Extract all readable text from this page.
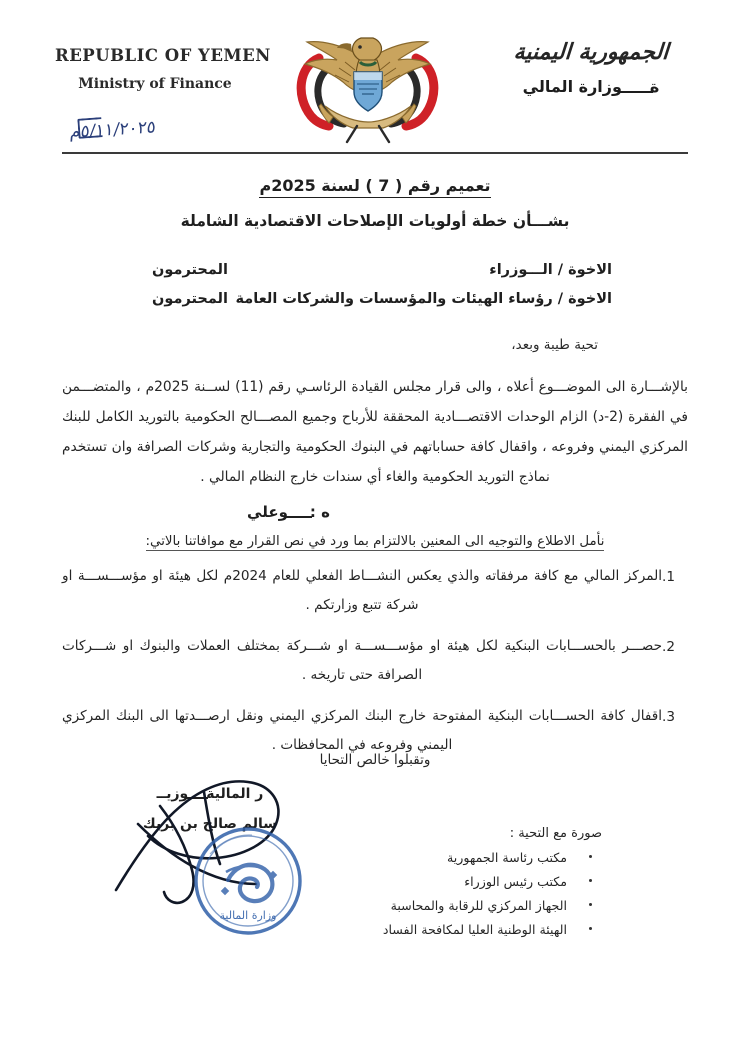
REPUBLIC OF YEMEN
Ministry of Finance
الجمهورية اليمنية
ةوزارة المالي
٥/١١/٢٠٢٥م
تعميم رقم ( 7 ) لسنة 2025م
بشـــأن خطة أولويات الإصلاحات الاقتصادية الشاملة
الاخوة / الـــوزراء
المحترمون
الاخوة / رؤساء الهيئات والمؤسسات والشركات العامة
المحترمون
تحية طيبة وبعد،
بالإشـــارة الى الموضـــوع أعلاه ، والى قرار مجلس القيادة الرئاسـي رقم (11) لســنة 2025م ، والمتضـــمن في الفقرة (2-د) الزام الوحدات الاقتصـــادية المحققة للأرباح وجميع المصـــالح الحكومية بالتوريد الكامل للبنك المركزي اليمني وفروعه ، واقفال كافة حساباتهم في البنوك الحكومية والتجارية وشركات الصرافة وان تستخدم نماذج التوريد الحكومية والغاء أي سندات خارج النظام المالي .
ه :وعلي
نأمل الاطلاع والتوجيه الى المعنين بالالتزام بما ورد في نص القرار مع موافاتنا بالاتي:
1.
المركز المالي مع كافة مرفقاته والذي يعكس النشـــاط الفعلي للعام 2024م لكل هيئة او مؤســـســـة او شركة تتبع وزارتكم .
2.
حصـــر بالحســـابات البنكية لكل هيئة او مؤســـســـة او شـــركة بمختلف العملات والبنوك او شـــركات الصرافة حتى تاريخه .
3.
اقفال كافة الحســـابات البنكية المفتوحة خارج البنك المركزي اليمني ونقل ارصـــدتها الى البنك المركزي اليمني وفروعه في المحافظات .
وتقبلوا خالص التحايا
ر الماليةوزيــ
سالم صالح بن بريك
وزارة المالية
صورة مع التحية :
مكتب رئاسة الجمهورية
مكتب رئيس الوزراء
الجهاز المركزي للرقابة والمحاسبة
الهيئة الوطنية العليا لمكافحة الفساد
